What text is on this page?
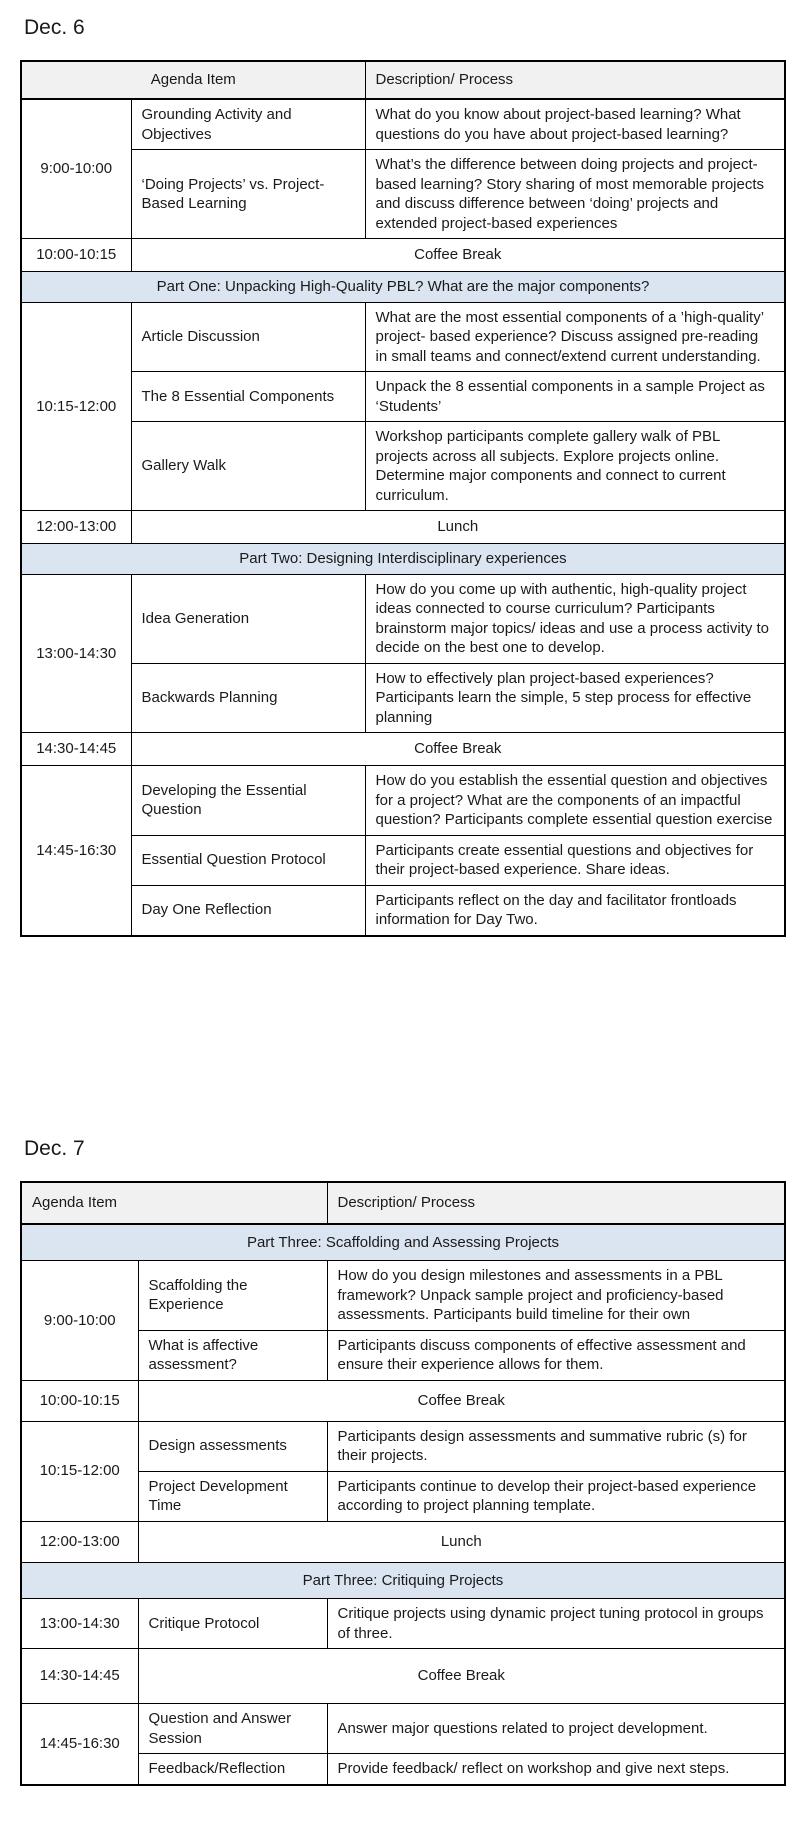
Dec. 6
Agenda Item		Description/ Process
9:00-10:00	Grounding Activity and Objectives	What do you know about project-based learning? What questions do you have about project-based learning?
	‘Doing Projects’ vs. Project-Based Learning	What’s the difference between doing projects and project-based learning? Story sharing of most memorable projects and discuss difference between ‘doing’ projects and extended project-based experiences
10:00-10:15	Coffee Break	
Part One: Unpacking High-Quality PBL? What are the major components?		
10:15-12:00	Article Discussion	What are the most essential components of a ’high-quality’ project- based experience? Discuss assigned pre-reading in small teams and connect/extend current understanding.
	The 8 Essential Components	Unpack the 8 essential components in a sample Project as ‘Students’
	Gallery Walk	Workshop participants complete gallery walk of PBL projects across all subjects. Explore projects online. Determine major components and connect to current curriculum.
12:00-13:00	Lunch	
Part Two: Designing Interdisciplinary experiences		
13:00-14:30	Idea Generation	How do you come up with authentic, high-quality project ideas connected to course curriculum? Participants brainstorm major topics/ ideas and use a process activity to decide on the best one to develop.
	Backwards Planning	How to effectively plan project-based experiences? Participants learn the simple, 5 step process for effective planning
14:30-14:45	Coffee Break	
14:45-16:30	Developing the Essential Question	How do you establish the essential question and objectives for a project? What are the components of an impactful question? Participants complete essential question exercise
	Essential Question Protocol	Participants create essential questions and objectives for their project-based experience. Share ideas.
	Day One Reflection	Participants reflect on the day and facilitator frontloads information for Day Two.
Dec. 7
Agenda Item		Description/ Process
Part Three: Scaffolding and Assessing Projects		
9:00-10:00	Scaffolding the Experience	How do you design milestones and assessments in a PBL framework? Unpack sample project and proficiency-based assessments. Participants build timeline for their own
	What is affective assessment?	Participants discuss components of effective assessment and ensure their experience allows for them.
10:00-10:15	Coffee Break	
10:15-12:00	Design assessments	Participants design assessments and summative rubric (s) for their projects.
	Project Development Time	Participants continue to develop their project-based experience according to project planning template.
12:00-13:00	Lunch	
Part Three: Critiquing Projects		
13:00-14:30	Critique Protocol	Critique projects using dynamic project tuning protocol in groups of three.
14:30-14:45	Coffee Break	
14:45-16:30	Question and Answer Session	Answer major questions related to project development.
	Feedback/Reflection	Provide feedback/ reflect on workshop and give next steps.
